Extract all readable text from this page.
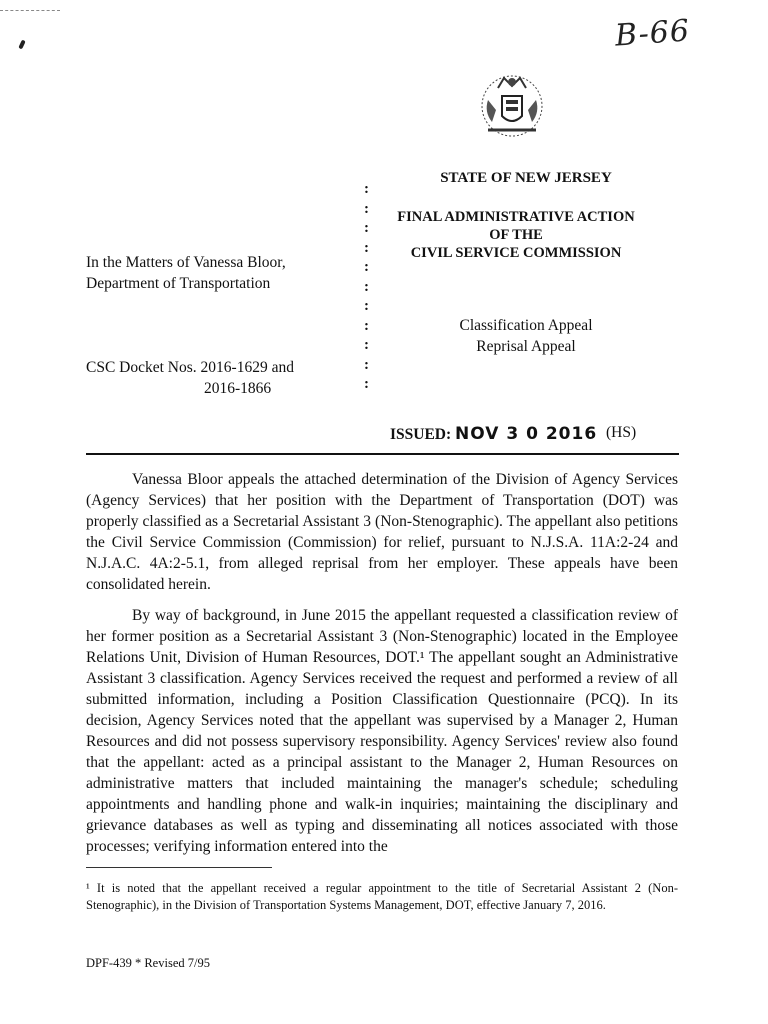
B-66
STATE OF NEW JERSEY
FINAL ADMINISTRATIVE ACTION
OF THE
CIVIL SERVICE COMMISSION
:
:
:
:
:
:
:
:
:
:
:
In the Matters of Vanessa Bloor,
Department of Transportation
Classification Appeal
Reprisal Appeal
CSC Docket Nos. 2016-1629 and
2016-1866
ISSUED: NOV 3 0 2016 (HS)

Vanessa Bloor appeals the attached determination of the Division of Agency Services (Agency Services) that her position with the Department of Transportation (DOT) was properly classified as a Secretarial Assistant 3 (Non-Stenographic). The appellant also petitions the Civil Service Commission (Commission) for relief, pursuant to N.J.S.A. 11A:2-24 and N.J.A.C. 4A:2-5.1, from alleged reprisal from her employer. These appeals have been consolidated herein.

By way of background, in June 2015 the appellant requested a classification review of her former position as a Secretarial Assistant 3 (Non-Stenographic) located in the Employee Relations Unit, Division of Human Resources, DOT.¹ The appellant sought an Administrative Assistant 3 classification. Agency Services received the request and performed a review of all submitted information, including a Position Classification Questionnaire (PCQ). In its decision, Agency Services noted that the appellant was supervised by a Manager 2, Human Resources and did not possess supervisory responsibility. Agency Services' review also found that the appellant: acted as a principal assistant to the Manager 2, Human Resources on administrative matters that included maintaining the manager's schedule; scheduling appointments and handling phone and walk-in inquiries; maintaining the disciplinary and grievance databases as well as typing and disseminating all notices associated with those processes; verifying information entered into the

¹ It is noted that the appellant received a regular appointment to the title of Secretarial Assistant 2 (Non-Stenographic), in the Division of Transportation Systems Management, DOT, effective January 7, 2016.
DPF-439 * Revised 7/95
